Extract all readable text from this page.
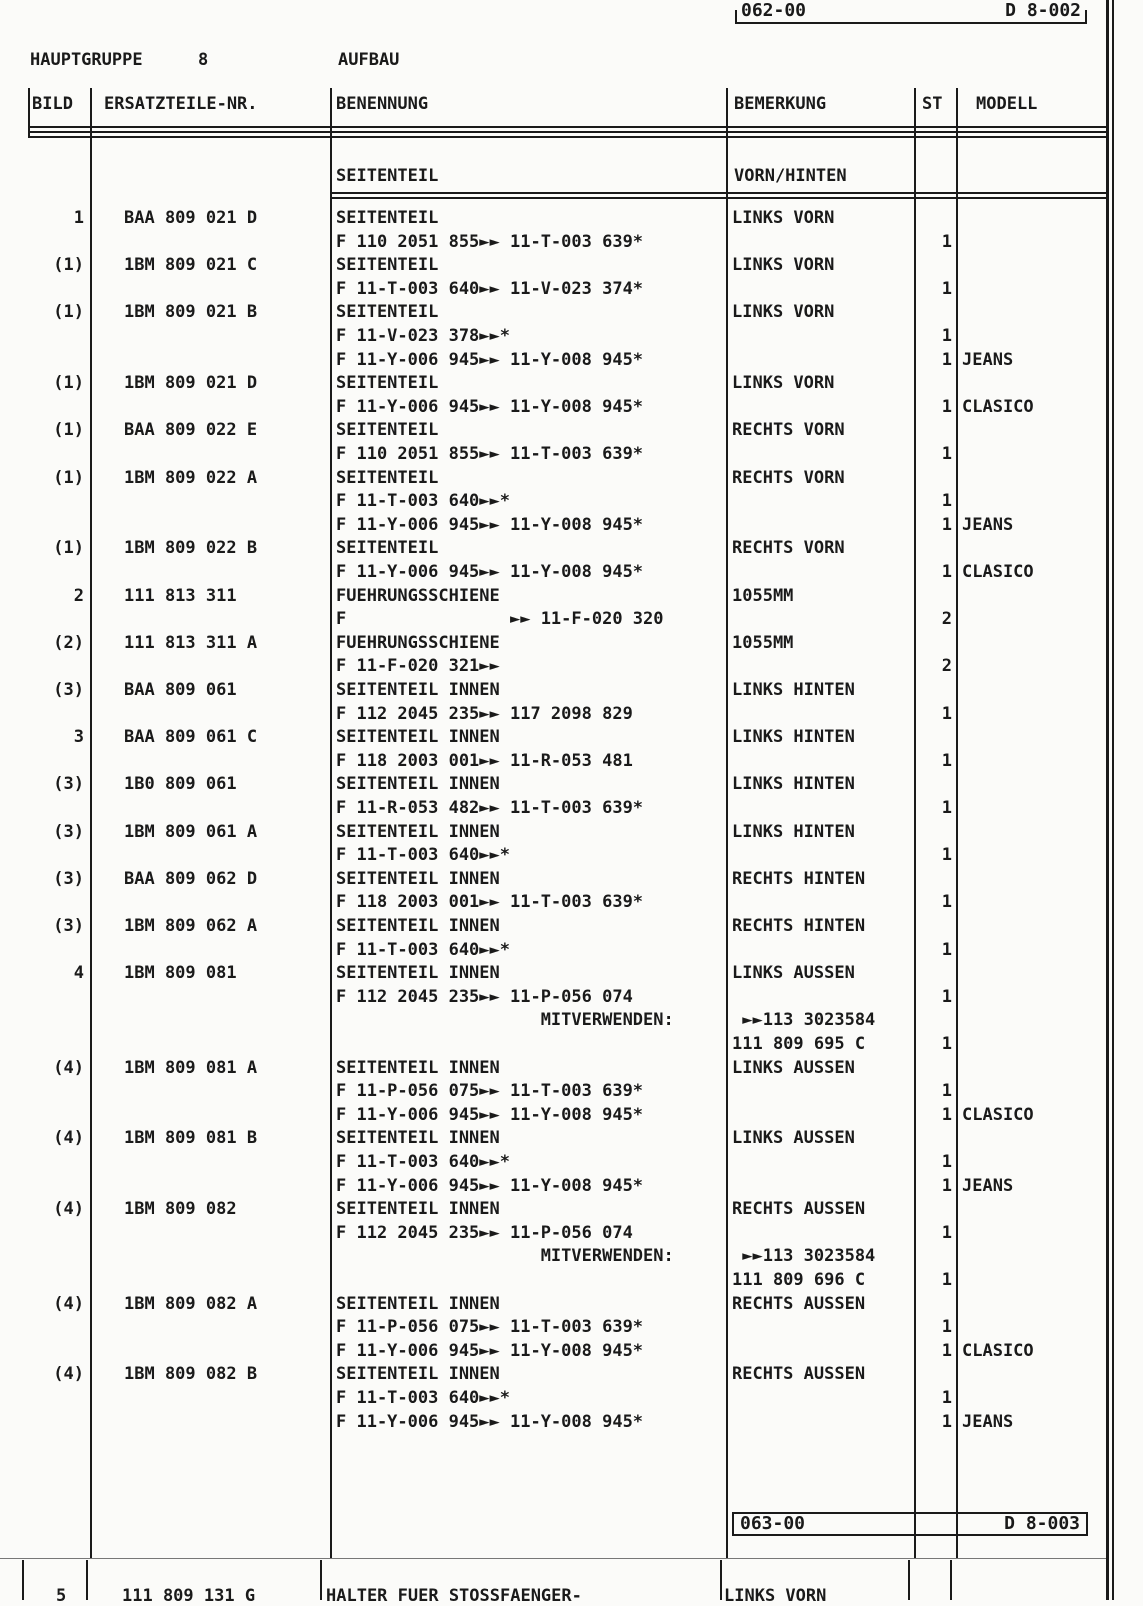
062-00	D 8-002
HAUPTGRUPPE	8	AUFBAU
BILD ERSATZTEILE-NR.	BENENNUNG	BEMERKUNG	ST MODELL
SEITENTEIL	VORN/HINTEN
1 BAA 809 021 D	SEITENTEIL	LINKS VORN
F 110 2051 855►► 11-T-003 639*	1
(1) 1BM 809 021 C	SEITENTEIL	LINKS VORN
F 11-T-003 640►► 11-V-023 374*	1
(1) 1BM 809 021 B	SEITENTEIL	LINKS VORN
F 11-V-023 378►►*	1
F 11-Y-006 945►► 11-Y-008 945*	1 JEANS
(1) 1BM 809 021 D	SEITENTEIL	LINKS VORN
F 11-Y-006 945►► 11-Y-008 945*	1 CLASICO
(1) BAA 809 022 E	SEITENTEIL	RECHTS VORN
F 110 2051 855►► 11-T-003 639*	1
(1) 1BM 809 022 A	SEITENTEIL	RECHTS VORN
F 11-T-003 640►►*	1
F 11-Y-006 945►► 11-Y-008 945*	1 JEANS
(1) 1BM 809 022 B	SEITENTEIL	RECHTS VORN
F 11-Y-006 945►► 11-Y-008 945*	1 CLASICO
2 111 813 311	FUEHRUNGSSCHIENE	1055MM
F                ►► 11-F-020 320	2
(2) 111 813 311 A	FUEHRUNGSSCHIENE	1055MM
F 11-F-020 321►►	2
(3) BAA 809 061	SEITENTEIL INNEN	LINKS HINTEN
F 112 2045 235►► 117 2098 829	1
3 BAA 809 061 C	SEITENTEIL INNEN	LINKS HINTEN
F 118 2003 001►► 11-R-053 481	1
(3) 1B0 809 061	SEITENTEIL INNEN	LINKS HINTEN
F 11-R-053 482►► 11-T-003 639*	1
(3) 1BM 809 061 A	SEITENTEIL INNEN	LINKS HINTEN
F 11-T-003 640►►*	1
(3) BAA 809 062 D	SEITENTEIL INNEN	RECHTS HINTEN
F 118 2003 001►► 11-T-003 639*	1
(3) 1BM 809 062 A	SEITENTEIL INNEN	RECHTS HINTEN
F 11-T-003 640►►*	1
4 1BM 809 081	SEITENTEIL INNEN	LINKS AUSSEN
F 112 2045 235►► 11-P-056 074	1
MITVERWENDEN:	►►113 3023584
111 809 695 C	1
(4) 1BM 809 081 A	SEITENTEIL INNEN	LINKS AUSSEN
F 11-P-056 075►► 11-T-003 639*	1
F 11-Y-006 945►► 11-Y-008 945*	1 CLASICO
(4) 1BM 809 081 B	SEITENTEIL INNEN	LINKS AUSSEN
F 11-T-003 640►►*	1
F 11-Y-006 945►► 11-Y-008 945*	1 JEANS
(4) 1BM 809 082	SEITENTEIL INNEN	RECHTS AUSSEN
F 112 2045 235►► 11-P-056 074	1
MITVERWENDEN:	►►113 3023584
111 809 696 C	1
(4) 1BM 809 082 A	SEITENTEIL INNEN	RECHTS AUSSEN
F 11-P-056 075►► 11-T-003 639*	1
F 11-Y-006 945►► 11-Y-008 945*	1 CLASICO
(4) 1BM 809 082 B	SEITENTEIL INNEN	RECHTS AUSSEN
F 11-T-003 640►►*	1
F 11-Y-006 945►► 11-Y-008 945*	1 JEANS
063-00	D 8-003
5	111 809 131 G	HALTER FUER STOSSFAENGER-	LINKS VORN
